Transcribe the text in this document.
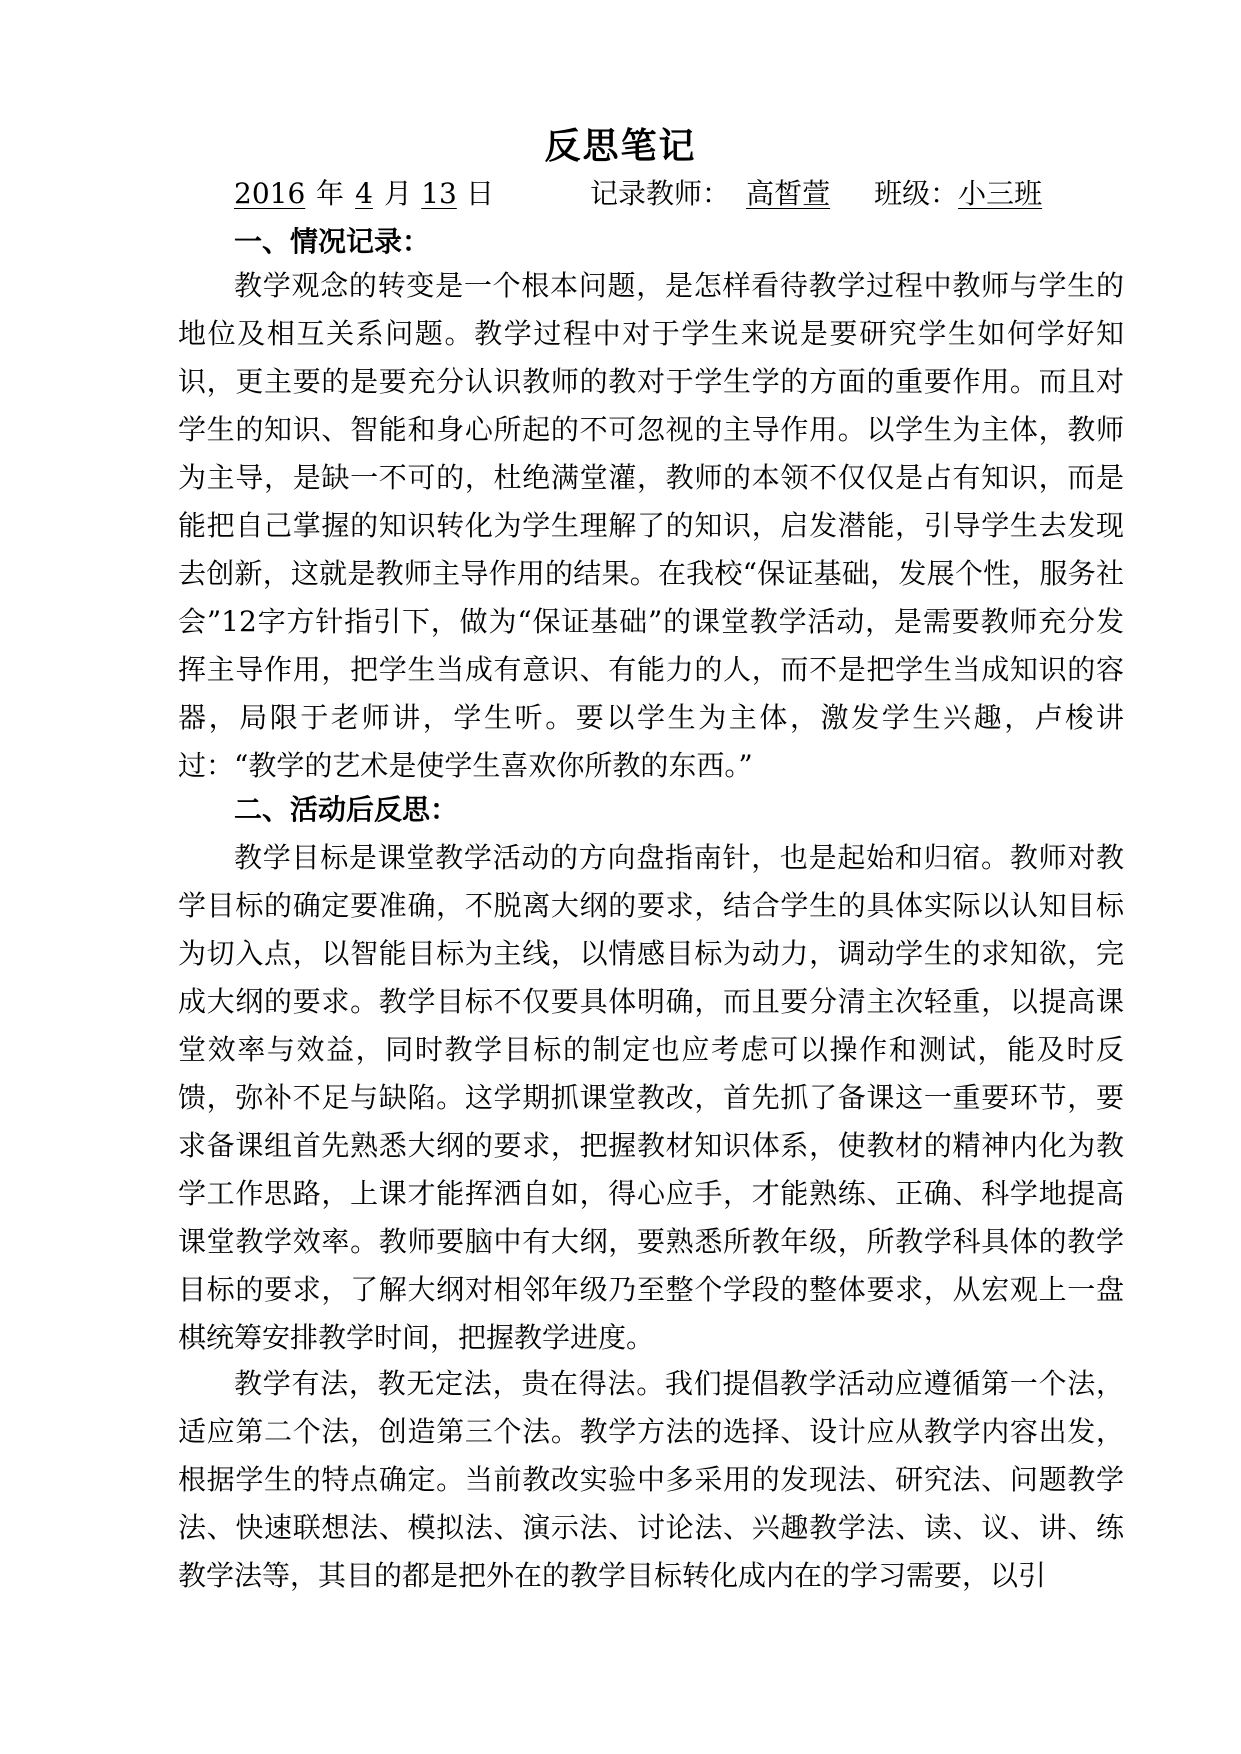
反思笔记
2016 年 4 月 13 日	记录教师： 高皙萱 班级：小三班
一、情况记录：

教学观念的转变是一个根本问题，是怎样看待教学过程中教师与学生的地位及相互关系问题。教学过程中对于学生来说是要研究学生如何学好知识，更主要的是要充分认识教师的教对于学生学的方面的重要作用。而且对学生的知识、智能和身心所起的不可忽视的主导作用。以学生为主体，教师为主导，是缺一不可的，杜绝满堂灌，教师的本领不仅仅是占有知识，而是能把自己掌握的知识转化为学生理解了的知识，启发潜能，引导学生去发现去创新，这就是教师主导作用的结果。在我校“保证基础，发展个性，服务社会”12字方针指引下，做为“保证基础”的课堂教学活动，是需要教师充分发挥主导作用，把学生当成有意识、有能力的人，而不是把学生当成知识的容器，局限于老师讲，学生听。要以学生为主体，激发学生兴趣，卢梭讲过：“教学的艺术是使学生喜欢你所教的东西。”

二、活动后反思：

教学目标是课堂教学活动的方向盘指南针，也是起始和归宿。教师对教学目标的确定要准确，不脱离大纲的要求，结合学生的具体实际以认知目标为切入点，以智能目标为主线，以情感目标为动力，调动学生的求知欲，完成大纲的要求。教学目标不仅要具体明确，而且要分清主次轻重，以提高课堂效率与效益，同时教学目标的制定也应考虑可以操作和测试，能及时反馈，弥补不足与缺陷。这学期抓课堂教改，首先抓了备课这一重要环节，要求备课组首先熟悉大纲的要求，把握教材知识体系，使教材的精神内化为教学工作思路，上课才能挥洒自如，得心应手，才能熟练、正确、科学地提高课堂教学效率。教师要脑中有大纲，要熟悉所教年级，所教学科具体的教学目标的要求，了解大纲对相邻年级乃至整个学段的整体要求，从宏观上一盘棋统筹安排教学时间，把握教学进度。

教学有法，教无定法，贵在得法。我们提倡教学活动应遵循第一个法，适应第二个法，创造第三个法。教学方法的选择、设计应从教学内容出发，根据学生的特点确定。当前教改实验中多采用的发现法、研究法、问题教学法、快速联想法、模拟法、演示法、讨论法、兴趣教学法、读、议、讲、练教学法等，其目的都是把外在的教学目标转化成内在的学习需要，以引
